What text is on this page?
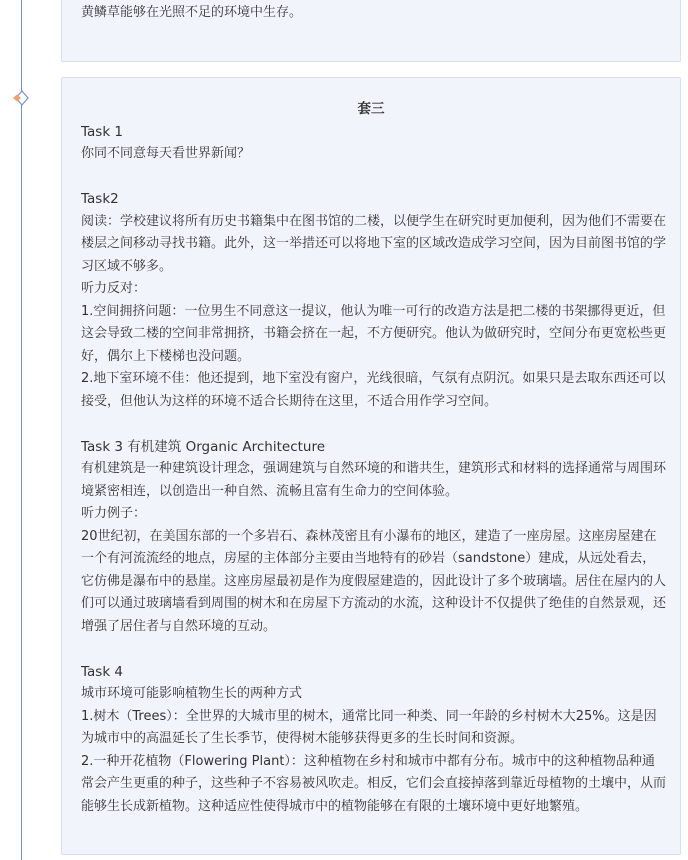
黄鳞草能够在光照不足的环境中生存。

套三

Task 1

你同不同意每天看世界新闻？

Task2

阅读：学校建议将所有历史书籍集中在图书馆的二楼，以便学生在研究时更加便利，因为他们不需要在楼层之间移动寻找书籍。此外，这一举措还可以将地下室的区域改造成学习空间，因为目前图书馆的学习区域不够多。

听力反对：

1.空间拥挤问题：一位男生不同意这一提议，他认为唯一可行的改造方法是把二楼的书架挪得更近，但这会导致二楼的空间非常拥挤，书籍会挤在一起，不方便研究。他认为做研究时，空间分布更宽松些更好，偶尔上下楼梯也没问题。

2.地下室环境不佳：他还提到，地下室没有窗户，光线很暗，气氛有点阴沉。如果只是去取东西还可以接受，但他认为这样的环境不适合长期待在这里，不适合用作学习空间。

Task 3 有机建筑 Organic Architecture

有机建筑是一种建筑设计理念，强调建筑与自然环境的和谐共生，建筑形式和材料的选择通常与周围环境紧密相连，以创造出一种自然、流畅且富有生命力的空间体验。

听力例子：

20世纪初，在美国东部的一个多岩石、森林茂密且有小瀑布的地区，建造了一座房屋。这座房屋建在一个有河流流经的地点，房屋的主体部分主要由当地特有的砂岩（sandstone）建成，从远处看去，它仿佛是瀑布中的悬崖。这座房屋最初是作为度假屋建造的，因此设计了多个玻璃墙。居住在屋内的人们可以通过玻璃墙看到周围的树木和在房屋下方流动的水流，这种设计不仅提供了绝佳的自然景观，还增强了居住者与自然环境的互动。

Task 4

城市环境可能影响植物生长的两种方式

1.树木（Trees）：全世界的大城市里的树木，通常比同一种类、同一年龄的乡村树木大25%。这是因为城市中的高温延长了生长季节，使得树木能够获得更多的生长时间和资源。

2.一种开花植物（Flowering Plant）：这种植物在乡村和城市中都有分布。城市中的这种植物品种通常会产生更重的种子，这些种子不容易被风吹走。相反，它们会直接掉落到靠近母植物的土壤中，从而能够生长成新植物。这种适应性使得城市中的植物能够在有限的土壤环境中更好地繁殖。
